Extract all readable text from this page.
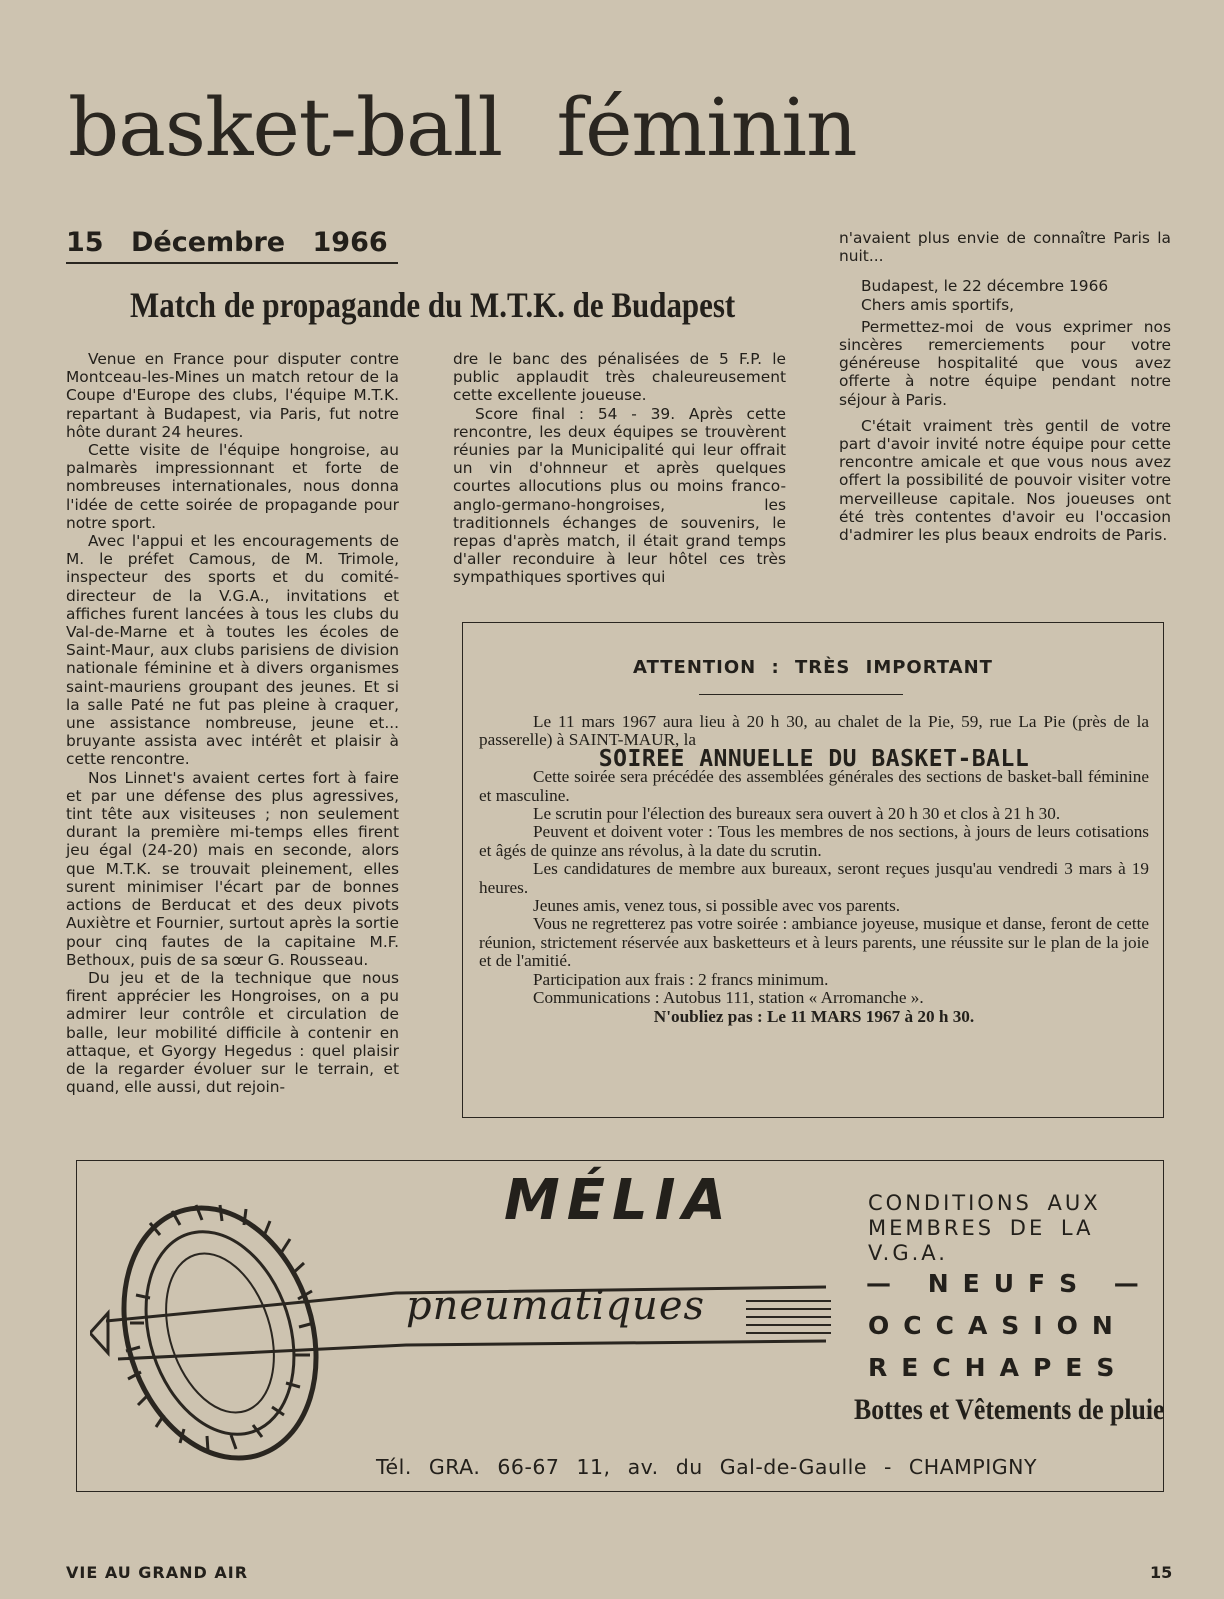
basket-ball féminin
15 Décembre 1966
Match de propagande du M.T.K. de Budapest

Venue en France pour disputer contre Montceau-les-Mines un match retour de la Coupe d'Europe des clubs, l'équipe M.T.K. repartant à Budapest, via Paris, fut notre hôte durant 24 heures.

Cette visite de l'équipe hongroise, au palmarès impressionnant et forte de nombreuses internationales, nous donna l'idée de cette soirée de propagande pour notre sport.

Avec l'appui et les encouragements de M. le préfet Camous, de M. Trimole, inspecteur des sports et du comité-directeur de la V.G.A., invitations et affiches furent lancées à tous les clubs du Val-de-Marne et à toutes les écoles de Saint-Maur, aux clubs parisiens de division nationale féminine et à divers organismes saint-mauriens groupant des jeunes. Et si la salle Paté ne fut pas pleine à craquer, une assistance nombreuse, jeune et... bruyante assista avec intérêt et plaisir à cette rencontre.

Nos Linnet's avaient certes fort à faire et par une défense des plus agressives, tint tête aux visiteuses ; non seulement durant la première mi-temps elles firent jeu égal (24-20) mais en seconde, alors que M.T.K. se trouvait pleinement, elles surent minimiser l'écart par de bonnes actions de Berducat et des deux pivots Auxiètre et Fournier, surtout après la sortie pour cinq fautes de la capitaine M.F. Bethoux, puis de sa sœur G. Rousseau.

Du jeu et de la technique que nous firent apprécier les Hongroises, on a pu admirer leur contrôle et circulation de balle, leur mobilité difficile à contenir en attaque, et Gyorgy Hegedus : quel plaisir de la regarder évoluer sur le terrain, et quand, elle aussi, dut rejoin-

dre le banc des pénalisées de 5 F.P. le public applaudit très chaleureusement cette excellente joueuse.

Score final : 54 - 39. Après cette rencontre, les deux équipes se trouvèrent réunies par la Municipalité qui leur offrait un vin d'ohnneur et après quelques courtes allocutions plus ou moins franco-anglo-germano-hongroises, les traditionnels échanges de souvenirs, le repas d'après match, il était grand temps d'aller reconduire à leur hôtel ces très sympathiques sportives qui

n'avaient plus envie de connaître Paris la nuit...

Budapest, le 22 décembre 1966

Chers amis sportifs,

Permettez-moi de vous exprimer nos sincères remerciements pour votre généreuse hospitalité que vous avez offerte à notre équipe pendant notre séjour à Paris.

C'était vraiment très gentil de votre part d'avoir invité notre équipe pour cette rencontre amicale et que vous nous avez offert la possibilité de pouvoir visiter votre merveilleuse capitale. Nos joueuses ont été très contentes d'avoir eu l'occasion d'admirer les plus beaux endroits de Paris.

ATTENTION : TRÈS IMPORTANT

Le 11 mars 1967 aura lieu à 20 h 30, au chalet de la Pie, 59, rue La Pie (près de la passerelle) à SAINT-MAUR, la

SOIREE ANNUELLE DU BASKET-BALL

Cette soirée sera précédée des assemblées générales des sections de basket-ball féminine et masculine.

Le scrutin pour l'élection des bureaux sera ouvert à 20 h 30 et clos à 21 h 30.

Peuvent et doivent voter : Tous les membres de nos sections, à jours de leurs cotisations et âgés de quinze ans révolus, à la date du scrutin.

Les candidatures de membre aux bureaux, seront reçues jusqu'au vendredi 3 mars à 19 heures.

Jeunes amis, venez tous, si possible avec vos parents.

Vous ne regretterez pas votre soirée : ambiance joyeuse, musique et danse, feront de cette réunion, strictement réservée aux basketteurs et à leurs parents, une réussite sur le plan de la joie et de l'amitié.

Participation aux frais : 2 francs minimum.

Communications : Autobus 111, station « Arromanche ».

N'oubliez pas : Le 11 MARS 1967 à 20 h 30.

MÉLIA
pneumatiques
CONDITIONS AUX
MEMBRES DE LA V.G.A.
— NEUFS —
OCCASION
RECHAPES
Bottes et Vêtements de pluie
Tél. GRA. 66-67 11, av. du Gal-de-Gaulle - CHAMPIGNY
VIE AU GRAND AIR	15
